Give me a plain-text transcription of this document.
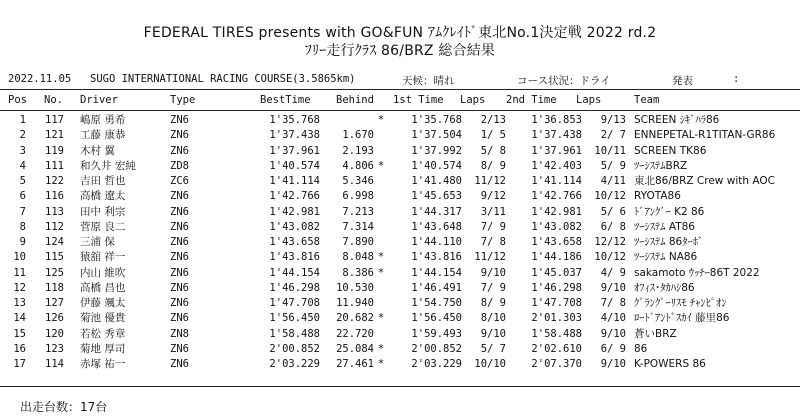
FEDERAL TIRES presents with GO&FUN ｱﾑｸﾚｲﾄﾞ東北No.1決定戦 2022 rd.2
ﾌﾘｰ走行ｸﾗｽ 86/BRZ 総合結果
2022.11.05 SUGO INTERNATIONAL RACING COURSE(3.5865km)	天候：晴れ	コース状況：ドライ	発表	:
Pos No. Driver	Type	BestTime Behind 1st Time Laps 2nd Time Laps	Team
1	117 嶋原 勇希	ZN6	1'35.768	*	1'35.768	2/13	1'36.853	9/13 SCREEN ｼｷﾞﾊﾗ86
2	121 工藤 康恭	ZN6	1'37.438	1.670	1'37.504	1/ 5	1'37.438	2/ 7 ENNEPETAL-R1TITAN-GR86
3	119 木村 翼	ZN6	1'37.961	2.193	1'37.992	5/ 8	1'37.961	10/11 SCREEN TK86
4	111 和久井 宏純	ZD8	1'40.574	4.806 *	1'40.574	8/ 9	1'42.403	5/ 9 ﾂｰｼｽﾃﾑBRZ
5	122 吉田 哲也	ZC6	1'41.114	5.346	1'41.480	11/12	1'41.114	4/11 東北86/BRZ Crew with AOC
6	116 高橋 遼太	ZN6	1'42.766	6.998	1'45.653	9/12	1'42.766	10/12 RYOTA86
7	113 田中 利宗	ZN6	1'42.981	7.213	1'44.317	3/11	1'42.981	5/ 6 ﾄﾞｱﾝｸﾞｰ K2 86
8	112 菅原 良二	ZN6	1'43.082	7.314	1'43.648	7/ 9	1'43.082	6/ 8 ﾂｰｼｽﾃﾑ AT86
9	124 三浦 保	ZN6	1'43.658	7.890	1'44.110	7/ 8	1'43.658	12/12 ﾂｰｼｽﾃﾑ 86ﾀｰﾎﾞ
10	115 猿舘 祥一	ZN6	1'43.816	8.048 *	1'43.816	11/12	1'44.186	10/12 ﾂｰｼｽﾃﾑ NA86
11	125 内山 維吹	ZN6	1'44.154	8.386 *	1'44.154	9/10	1'45.037	4/ 9 sakamoto ｳｯﾁｰ86T 2022
12	118 高橋 昌也	ZN6	1'46.298	10.530	1'46.491	7/ 9	1'46.298	9/10 ｵﾌｨｽ･ﾀｶﾊｼ86
13	127 伊藤 颯太	ZN6	1'47.708	11.940	1'54.750	8/ 9	1'47.708	7/ 8 ｸﾞﾗﾝｸﾞｰﾘｽﾓ ﾁｬﾝﾋﾟｵﾝ
14	126 菊池 優貴	ZN6	1'56.450	20.682 *	1'56.450	8/10	2'01.303	4/10 ﾛｰﾄﾞｱﾝﾄﾞｽｶｲ 藤里86
15	120 若松 秀章	ZN8	1'58.488	22.720	1'59.493	9/10	1'58.488	9/10 蒼いBRZ
16	123 菊地 厚司	ZN6	2'00.852	25.084 *	2'00.852	5/ 7	2'02.610	6/ 9 86
17	114 赤塚 祐一	ZN6	2'03.229	27.461 *	2'03.229	10/10	2'07.370	9/10 K-POWERS 86
出走台数：17台
